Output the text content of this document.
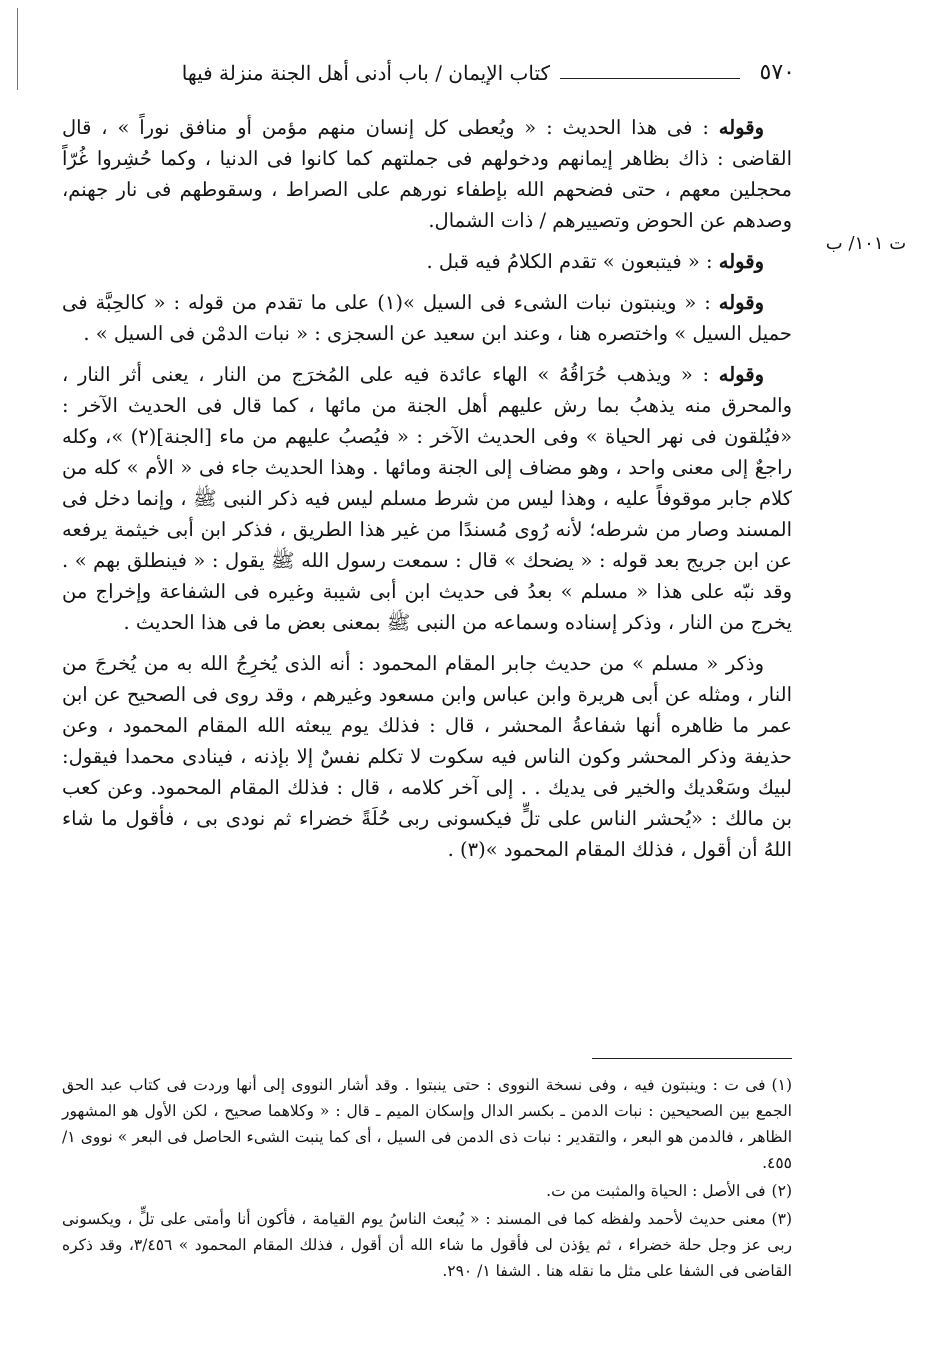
٥٧٠
كتاب الإيمان / باب أدنى أهل الجنة منزلة فيها
ت ١٠١/ ب

وقوله : فى هذا الحديث : « ويُعطى كل إنسان منهم مؤمن أو منافق نوراً » ، قال القاضى : ذاك بظاهر إيمانهم ودخولهم فى جملتهم كما كانوا فى الدنيا ، وكما حُشِروا غُرّاً محجلين معهم ، حتى فضحهم الله بإطفاء نورهم على الصراط ، وسقوطهم فى نار جهنم، وصدهم عن الحوض وتصييرهم / ذات الشمال.

وقوله : « فيتبعون » تقدم الكلامُ فيه قبل .

وقوله : « وينبتون نبات الشىء فى السيل »(١) على ما تقدم من قوله : « كالحِبَّة فى حميل السيل » واختصره هنا ، وعند ابن سعيد عن السجزى : « نبات الدمْن فى السيل » .

وقوله : « ويذهب حُرَاقُهُ » الهاء عائدة فيه على المُخرَج من النار ، يعنى أثر النار ، والمحرق منه يذهبُ بما رش عليهم أهل الجنة من مائها ، كما قال فى الحديث الآخر : «فيُلقون فى نهر الحياة » وفى الحديث الآخر : « فيُصبُ عليهم من ماء [الجنة](٢) »، وكله راجعٌ إلى معنى واحد ، وهو مضاف إلى الجنة ومائها . وهذا الحديث جاء فى « الأم » كله من كلام جابر موقوفاً عليه ، وهذا ليس من شرط مسلم ليس فيه ذكر النبى ﷺ ، وإنما دخل فى المسند وصار من شرطه؛ لأنه رُوى مُسندًا من غير هذا الطريق ، فذكر ابن أبى خيثمة يرفعه عن ابن جريج بعد قوله : « يضحك » قال : سمعت رسول الله ﷺ يقول : « فينطلق بهم » . وقد نبّه على هذا « مسلم » بعدُ فى حديث ابن أبى شيبة وغيره فى الشفاعة وإخراج من يخرج من النار ، وذكر إسناده وسماعه من النبى ﷺ بمعنى بعض ما فى هذا الحديث .

وذكر « مسلم » من حديث جابر المقام المحمود : أنه الذى يُخرِجُ الله به من يُخرجَ من النار ، ومثله عن أبى هريرة وابن عباس وابن مسعود وغيرهم ، وقد روى فى الصحيح عن ابن عمر ما ظاهره أنها شفاعةُ المحشر ، قال : فذلك يوم يبعثه الله المقام المحمود ، وعن حذيفة وذكر المحشر وكون الناس فيه سكوت لا تكلم نفسٌ إلا بإذنه ، فينادى محمدا فيقول: لبيك وسَعْديك والخير فى يديك . . إلى آخر كلامه ، قال : فذلك المقام المحمود. وعن كعب بن مالك : «يُحشر الناس على تلٍّ فيكسونى ربى حُلَةً خضراء ثم نودى بى ، فأقول ما شاء اللهُ أن أقول ، فذلك المقام المحمود »(٣) .

(١)فى ت : وينبتون فيه ، وفى نسخة النووى : حتى ينبتوا . وقد أشار النووى إلى أنها وردت فى كتاب عبد الحق الجمع بين الصحيحين : نبات الدمن ـ بكسر الدال وإسكان الميم ـ قال : « وكلاهما صحيح ، لكن الأول هو المشهور الظاهر ، فالدمن هو البعر ، والتقدير : نبات ذى الدمن فى السيل ، أى كما ينبت الشىء الحاصل فى البعر » نووى ١/ ٤٥٥.

(٢)فى الأصل : الحياة والمثبت من ت.

(٣)معنى حديث لأحمد ولفظه كما فى المسند : « يُبعث الناسُ يوم القيامة ، فأكون أنا وأمتى على تلٍّ ، ويكسونى ربى عز وجل حلة خضراء ، ثم يؤذن لى فأقول ما شاء الله أن أقول ، فذلك المقام المحمود » ٣/٤٥٦، وقد ذكره القاضى فى الشفا على مثل ما نقله هنا . الشفا ١/ ٢٩٠.
